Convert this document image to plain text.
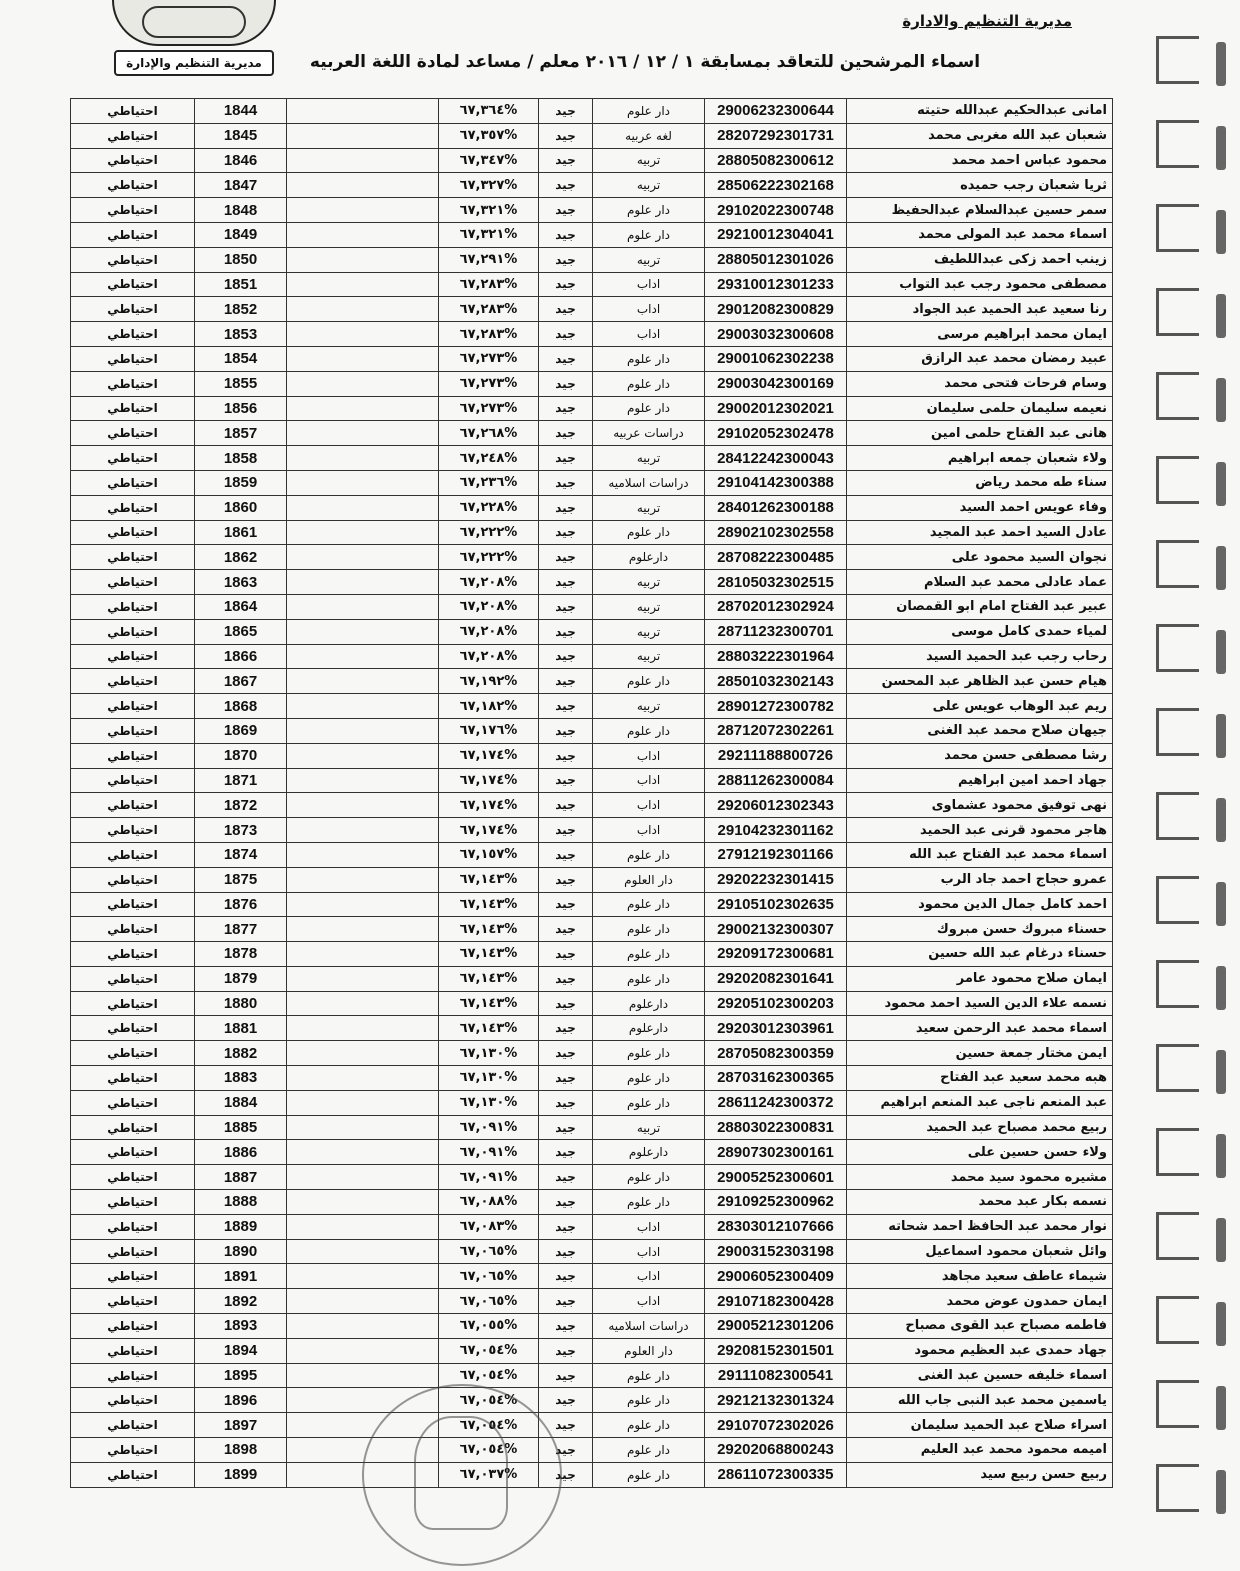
مديرية التنظيم والإدارة
مديرية التنظيم والادارة
اسماء المرشحين للتعاقد بمسابقة ١ / ١٢ / ٢٠١٦ معلم / مساعد لمادة اللغة العربيه
امانى عبدالحكيم عبدالله حتيته	29006232300644	دار علوم	جيد	%٦٧,٣٦٤		1844	احتياطي
شعبان عبد الله مغربى محمد	28207292301731	لغه عربيه	جيد	%٦٧,٣٥٧		1845	احتياطي
محمود عباس احمد محمد	28805082300612	تربيه	جيد	%٦٧,٣٤٧		1846	احتياطي
ثريا شعبان رجب حميده	28506222302168	تربيه	جيد	%٦٧,٣٢٧		1847	احتياطي
سمر حسين عبدالسلام عبدالحفيظ	29102022300748	دار علوم	جيد	%٦٧,٣٢١		1848	احتياطي
اسماء محمد عبد المولى محمد	29210012304041	دار علوم	جيد	%٦٧,٣٢١		1849	احتياطي
زينب احمد زكى عبداللطيف	28805012301026	تربيه	جيد	%٦٧,٢٩١		1850	احتياطي
مصطفى محمود رجب عبد التواب	29310012301233	اداب	جيد	%٦٧,٢٨٣		1851	احتياطي
رنا سعيد عبد الحميد عبد الجواد	29012082300829	اداب	جيد	%٦٧,٢٨٣		1852	احتياطي
ايمان محمد ابراهيم مرسى	29003032300608	اداب	جيد	%٦٧,٢٨٣		1853	احتياطي
عبيد رمضان محمد عبد الرازق	29001062302238	دار علوم	جيد	%٦٧,٢٧٣		1854	احتياطي
وسام فرحات فتحى محمد	29003042300169	دار علوم	جيد	%٦٧,٢٧٣		1855	احتياطي
نعيمه سليمان حلمى سليمان	29002012302021	دار علوم	جيد	%٦٧,٢٧٣		1856	احتياطي
هانى عبد الفتاح حلمى امين	29102052302478	دراسات عربيه	جيد	%٦٧,٢٦٨		1857	احتياطي
ولاء شعبان جمعه ابراهيم	28412242300043	تربيه	جيد	%٦٧,٢٤٨		1858	احتياطي
سناء طه محمد رياض	29104142300388	دراسات اسلاميه	جيد	%٦٧,٢٣٦		1859	احتياطي
وفاء عويس احمد السيد	28401262300188	تربيه	جيد	%٦٧,٢٢٨		1860	احتياطي
عادل السيد احمد عبد المجيد	28902102302558	دار علوم	جيد	%٦٧,٢٢٢		1861	احتياطي
نجوان السيد محمود على	28708222300485	دارعلوم	جيد	%٦٧,٢٢٢		1862	احتياطي
عماد عادلى محمد عبد السلام	28105032302515	تربيه	جيد	%٦٧,٢٠٨		1863	احتياطي
عبير عبد الفتاح امام ابو القمصان	28702012302924	تربيه	جيد	%٦٧,٢٠٨		1864	احتياطي
لمياء حمدى كامل موسى	28711232300701	تربيه	جيد	%٦٧,٢٠٨		1865	احتياطي
رحاب رجب عبد الحميد السيد	28803222301964	تربيه	جيد	%٦٧,٢٠٨		1866	احتياطي
هيام حسن عبد الظاهر عبد المحسن	28501032302143	دار علوم	جيد	%٦٧,١٩٢		1867	احتياطي
ريم عبد الوهاب عويس على	28901272300782	تربيه	جيد	%٦٧,١٨٢		1868	احتياطي
جيهان صلاح محمد عبد الغنى	28712072302261	دار علوم	جيد	%٦٧,١٧٦		1869	احتياطي
رشا مصطفى حسن محمد	29211188800726	اداب	جيد	%٦٧,١٧٤		1870	احتياطي
جهاد احمد امين ابراهيم	28811262300084	اداب	جيد	%٦٧,١٧٤		1871	احتياطي
نهى توفيق محمود عشماوى	29206012302343	اداب	جيد	%٦٧,١٧٤		1872	احتياطي
هاجر محمود قرنى عبد الحميد	29104232301162	اداب	جيد	%٦٧,١٧٤		1873	احتياطي
اسماء محمد عبد الفتاح عبد الله	27912192301166	دار علوم	جيد	%٦٧,١٥٧		1874	احتياطي
عمرو حجاج احمد جاد الرب	29202232301415	دار العلوم	جيد	%٦٧,١٤٣		1875	احتياطي
احمد كامل جمال الدين محمود	29105102302635	دار علوم	جيد	%٦٧,١٤٣		1876	احتياطي
حسناء مبروك حسن مبروك	29002132300307	دار علوم	جيد	%٦٧,١٤٣		1877	احتياطي
حسناء درغام عبد الله حسين	29209172300681	دار علوم	جيد	%٦٧,١٤٣		1878	احتياطي
ايمان صلاح محمود عامر	29202082301641	دار علوم	جيد	%٦٧,١٤٣		1879	احتياطي
نسمه علاء الدين السيد احمد محمود	29205102300203	دارعلوم	جيد	%٦٧,١٤٣		1880	احتياطي
اسماء محمد عبد الرحمن سعيد	29203012303961	دارعلوم	جيد	%٦٧,١٤٣		1881	احتياطي
ايمن مختار جمعة حسين	28705082300359	دار علوم	جيد	%٦٧,١٣٠		1882	احتياطي
هبه محمد سعيد عبد الفتاح	28703162300365	دار علوم	جيد	%٦٧,١٣٠		1883	احتياطي
عبد المنعم ناجى عبد المنعم ابراهيم	28611242300372	دار علوم	جيد	%٦٧,١٣٠		1884	احتياطي
ربيع محمد مصباح عبد الحميد	28803022300831	تربيه	جيد	%٦٧,٠٩١		1885	احتياطي
ولاء حسن حسين على	28907302300161	دارعلوم	جيد	%٦٧,٠٩١		1886	احتياطي
مشيره محمود سيد محمد	29005252300601	دار علوم	جيد	%٦٧,٠٩١		1887	احتياطي
نسمه بكار عبد محمد	29109252300962	دار علوم	جيد	%٦٧,٠٨٨		1888	احتياطي
نوار محمد عبد الحافظ احمد شحاته	28303012107666	اداب	جيد	%٦٧,٠٨٣		1889	احتياطي
وائل شعبان محمود اسماعيل	29003152303198	اداب	جيد	%٦٧,٠٦٥		1890	احتياطي
شيماء عاطف سعيد مجاهد	29006052300409	اداب	جيد	%٦٧,٠٦٥		1891	احتياطي
ايمان حمدون عوض محمد	29107182300428	اداب	جيد	%٦٧,٠٦٥		1892	احتياطي
فاطمه مصباح عبد القوى مصباح	29005212301206	دراسات اسلاميه	جيد	%٦٧,٠٥٥		1893	احتياطي
جهاد حمدى عبد العظيم محمود	29208152301501	دار العلوم	جيد	%٦٧,٠٥٤		1894	احتياطي
اسماء خليفه حسين عبد الغنى	29111082300541	دار علوم	جيد	%٦٧,٠٥٤		1895	احتياطي
ياسمين محمد عبد النبى جاب الله	29212132301324	دار علوم	جيد	%٦٧,٠٥٤		1896	احتياطي
اسراء صلاح عبد الحميد سليمان	29107072302026	دار علوم	جيد	%٦٧,٠٥٤		1897	احتياطي
اميمه محمود محمد عبد العليم	29202068800243	دار علوم	جيد	%٦٧,٠٥٤		1898	احتياطي
ربيع حسن ربيع سيد	28611072300335	دار علوم	جيد	%٦٧,٠٣٧		1899	احتياطي
